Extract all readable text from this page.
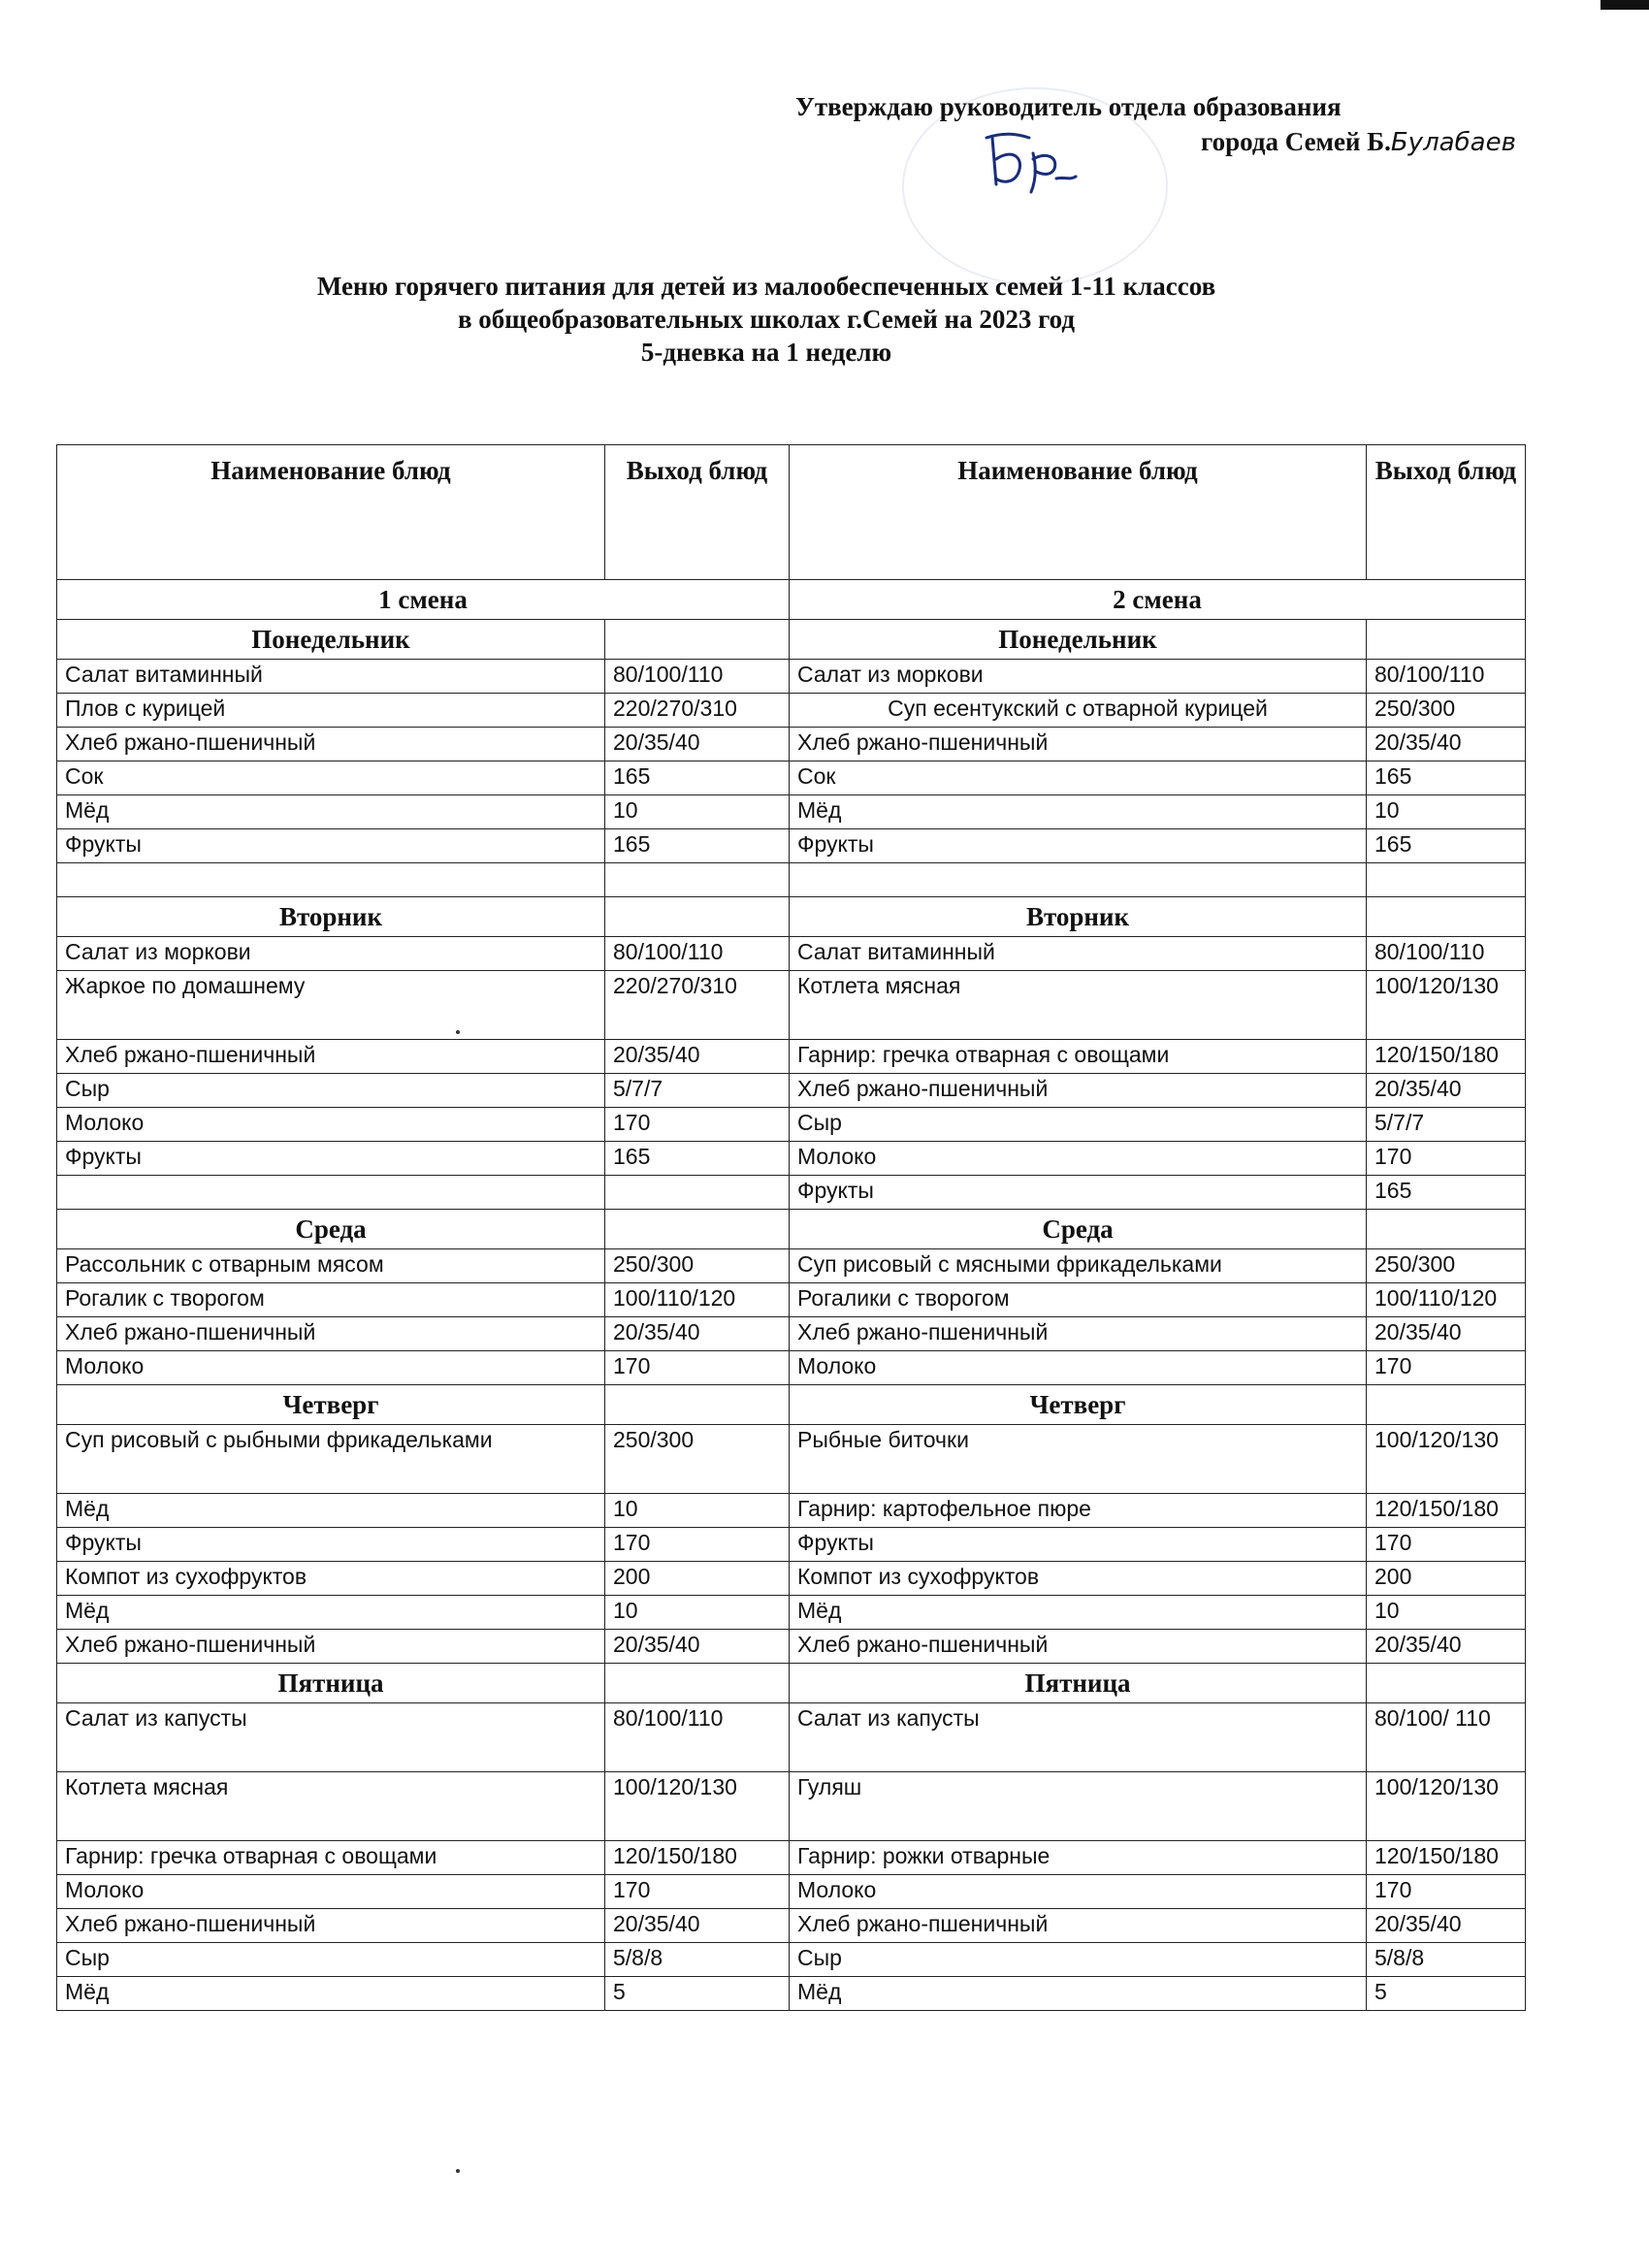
Утверждаю руководитель отдела образования
города Семей Б.Булабаев
Меню горячего питания для детей из малообеспеченных семей 1-11 классов
в общеобразовательных школах г.Семей на 2023 год
5-дневка на 1 неделю
Наименование блюд	Выход блюд	Наименование блюд	Выход блюд
1 смена		2 смена	
Понедельник		Понедельник	
Салат витаминный	80/100/110	Салат из моркови	80/100/110
Плов с курицей	220/270/310	Суп есентукский с отварной курицей	250/300
Хлеб ржано-пшеничный	20/35/40	Хлеб ржано-пшеничный	20/35/40
Сок	165	Сок	165
Мёд	10	Мёд	10
Фрукты	165	Фрукты	165

Вторник		Вторник	
Салат из моркови	80/100/110	Салат витаминный	80/100/110
Жаркое по домашнему	220/270/310	Котлета мясная	100/120/130
Хлеб ржано-пшеничный	20/35/40	Гарнир: гречка отварная с овощами	120/150/180
Сыр	5/7/7	Хлеб ржано-пшеничный	20/35/40
Молоко	170	Сыр	5/7/7
Фрукты	165	Молоко	170
		Фрукты	165
Среда		Среда	
Рассольник с отварным мясом	250/300	Суп рисовый с мясными фрикадельками	250/300
Рогалик с творогом	100/110/120	Рогалики с творогом	100/110/120
Хлеб ржано-пшеничный	20/35/40	Хлеб ржано-пшеничный	20/35/40
Молоко	170	Молоко	170
Четверг		Четверг	
Суп рисовый с рыбными фрикадельками	250/300	Рыбные биточки	100/120/130
Мёд	10	Гарнир: картофельное пюре	120/150/180
Фрукты	170	Фрукты	170
Компот из сухофруктов	200	Компот из сухофруктов	200
Мёд	10	Мёд	10
Хлеб ржано-пшеничный	20/35/40	Хлеб ржано-пшеничный	20/35/40
Пятница		Пятница	
Салат из капусты	80/100/110	Салат из капусты	80/100/ 110
Котлета мясная	100/120/130	Гуляш	100/120/130
Гарнир: гречка отварная с овощами	120/150/180	Гарнир: рожки отварные	120/150/180
Молоко	170	Молоко	170
Хлеб ржано-пшеничный	20/35/40	Хлеб ржано-пшеничный	20/35/40
Сыр	5/8/8	Сыр	5/8/8
Мёд	5	Мёд	5
